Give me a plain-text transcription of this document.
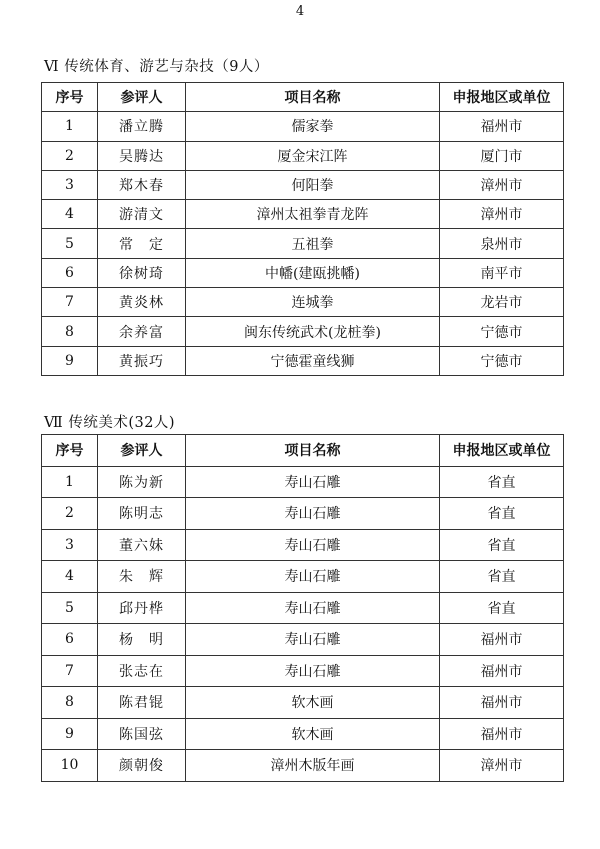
4
Ⅵ 传统体育、游艺与杂技（9人）
序号	参评人	项目名称	申报地区或单位
1	潘立腾	儒家拳	福州市
2	吴腾达	厦金宋江阵	厦门市
3	郑木春	何阳拳	漳州市
4	游清文	漳州太祖拳青龙阵	漳州市
5	常　定	五祖拳	泉州市
6	徐树琦	中幡(建瓯挑幡)	南平市
7	黄炎林	连城拳	龙岩市
8	余养富	闽东传统武术(龙桩拳)	宁德市
9	黄振巧	宁德霍童线狮	宁德市
Ⅶ 传统美术(32人)
序号	参评人	项目名称	申报地区或单位
1	陈为新	寿山石雕	省直
2	陈明志	寿山石雕	省直
3	董六妹	寿山石雕	省直
4	朱　辉	寿山石雕	省直
5	邱丹桦	寿山石雕	省直
6	杨　明	寿山石雕	福州市
7	张志在	寿山石雕	福州市
8	陈君锟	软木画	福州市
9	陈国弦	软木画	福州市
10	颜朝俊	漳州木版年画	漳州市
